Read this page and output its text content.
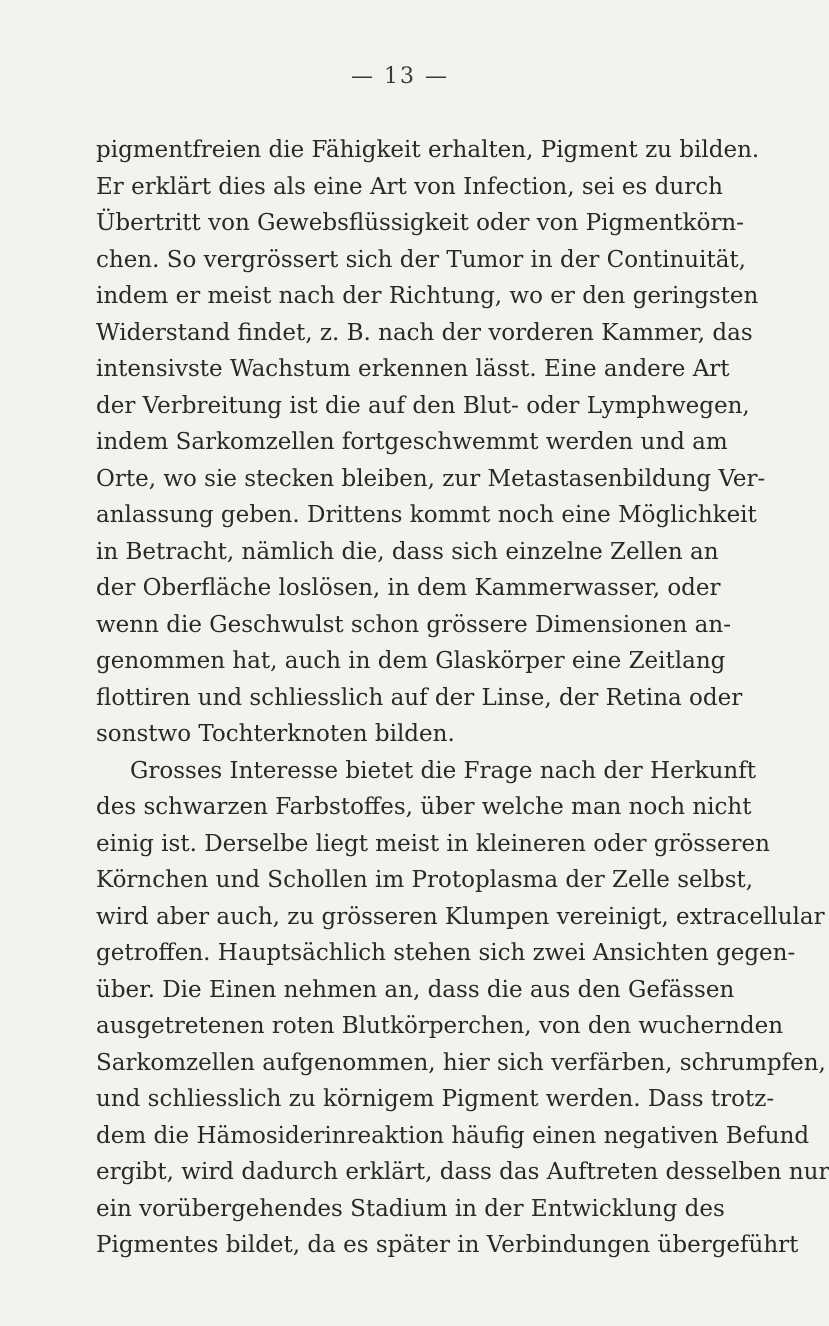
— 13 —
pigmentfreien die Fähigkeit erhalten, Pigment zu bilden.
Er erklärt dies als eine Art von Infection, sei es durch
Übertritt von Gewebsflüssigkeit oder von Pigmentkörn-
chen. So vergrössert sich der Tumor in der Continuität,
indem er meist nach der Richtung, wo er den geringsten
Widerstand findet, z. B. nach der vorderen Kammer, das
intensivste Wachstum erkennen lässt. Eine andere Art
der Verbreitung ist die auf den Blut- oder Lymphwegen,
indem Sarkomzellen fortgeschwemmt werden und am
Orte, wo sie stecken bleiben, zur Metastasenbildung Ver-
anlassung geben. Drittens kommt noch eine Möglichkeit
in Betracht, nämlich die, dass sich einzelne Zellen an
der Oberfläche loslösen, in dem Kammerwasser, oder
wenn die Geschwulst schon grössere Dimensionen an-
genommen hat, auch in dem Glaskörper eine Zeitlang
flottiren und schliesslich auf der Linse, der Retina oder
sonstwo Tochterknoten bilden.
Grosses Interesse bietet die Frage nach der Herkunft
des schwarzen Farbstoffes, über welche man noch nicht
einig ist. Derselbe liegt meist in kleineren oder grösseren
Körnchen und Schollen im Protoplasma der Zelle selbst,
wird aber auch, zu grösseren Klumpen vereinigt, extracellular
getroffen. Hauptsächlich stehen sich zwei Ansichten gegen-
über. Die Einen nehmen an, dass die aus den Gefässen
ausgetretenen roten Blutkörperchen, von den wuchernden
Sarkomzellen aufgenommen, hier sich verfärben, schrumpfen,
und schliesslich zu körnigem Pigment werden. Dass trotz-
dem die Hämosiderinreaktion häufig einen negativen Befund
ergibt, wird dadurch erklärt, dass das Auftreten desselben nur
ein vorübergehendes Stadium in der Entwicklung des
Pigmentes bildet, da es später in Verbindungen übergeführt
